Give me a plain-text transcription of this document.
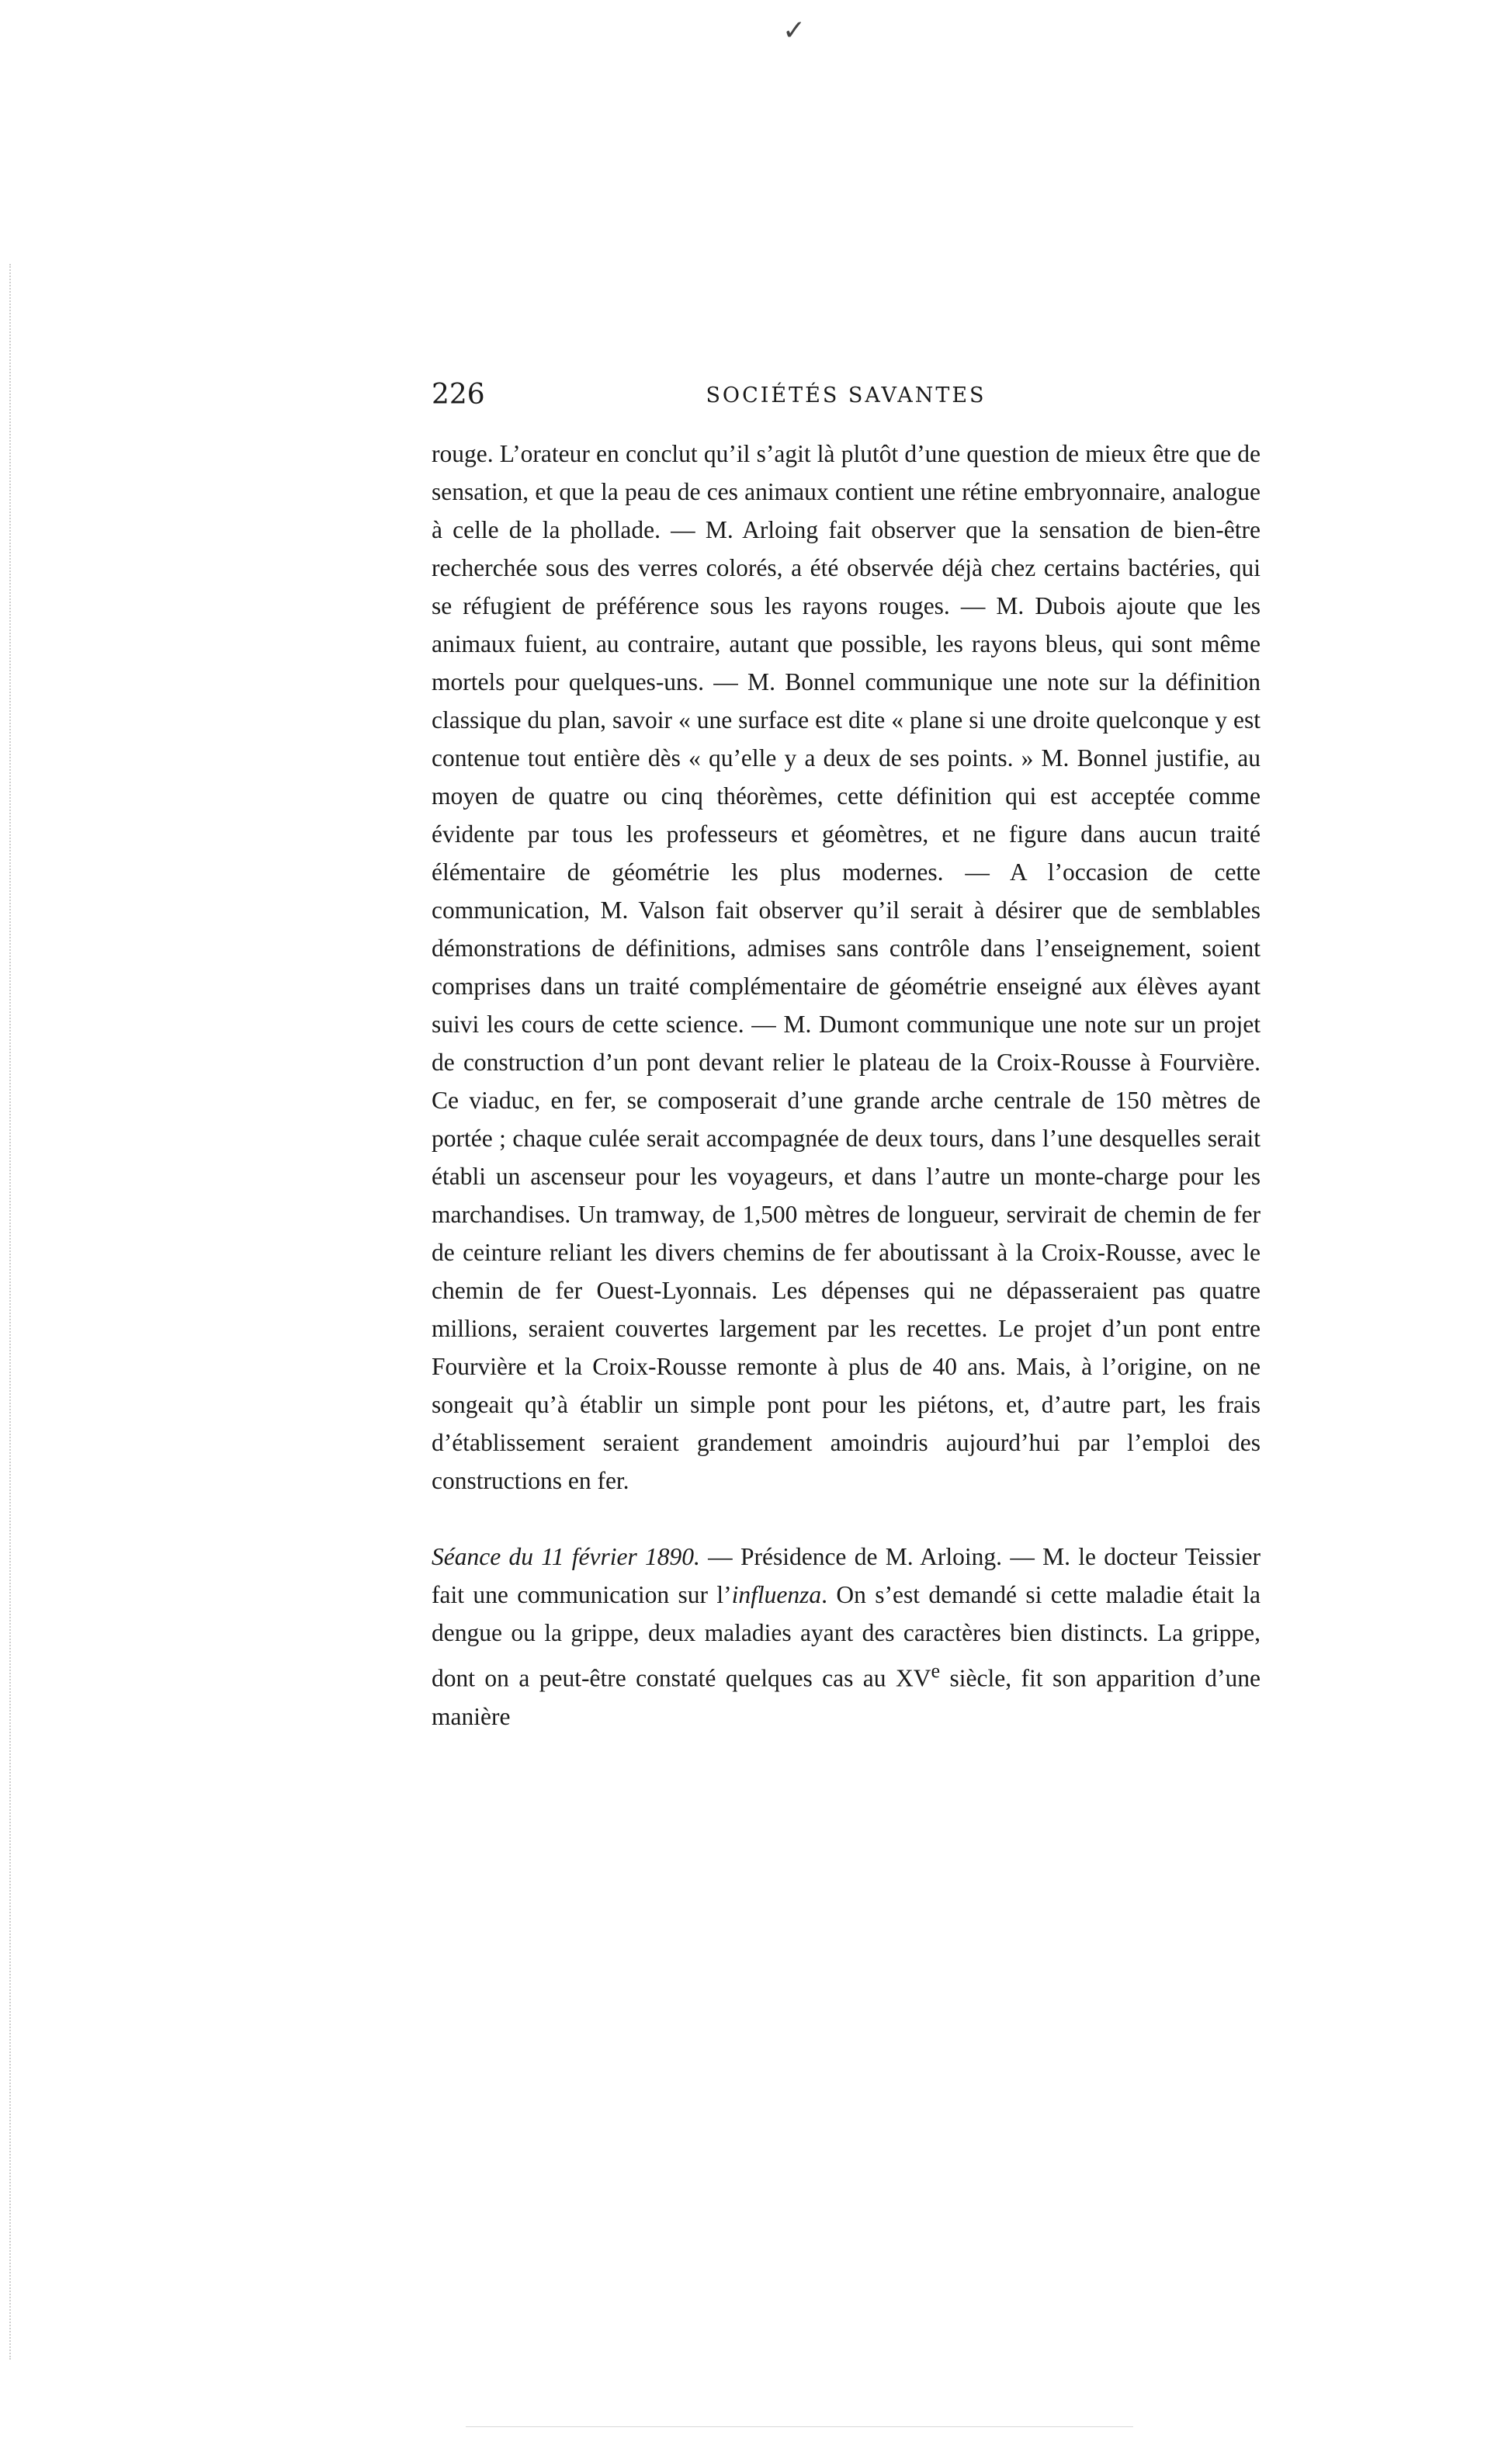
✓
226	SOCIÉTÉS SAVANTES

rouge. L’orateur en conclut qu’il s’agit là plutôt d’une question de mieux être que de sensation, et que la peau de ces animaux contient une rétine embryonnaire, analogue à celle de la phollade. — M. Arloing fait observer que la sensation de bien-être recherchée sous des verres colorés, a été observée déjà chez certains bactéries, qui se réfugient de préférence sous les rayons rouges. — M. Dubois ajoute que les animaux fuient, au contraire, autant que possible, les rayons bleus, qui sont même mortels pour quelques-uns. — M. Bonnel communique une note sur la définition classique du plan, savoir « une surface est dite « plane si une droite quelconque y est contenue tout entière dès « qu’elle y a deux de ses points. » M. Bonnel justifie, au moyen de quatre ou cinq théorèmes, cette définition qui est acceptée comme évidente par tous les professeurs et géomètres, et ne figure dans aucun traité élémentaire de géométrie les plus modernes. — A l’occasion de cette communication, M. Valson fait observer qu’il serait à désirer que de semblables démonstrations de définitions, admises sans contrôle dans l’enseignement, soient comprises dans un traité complémentaire de géométrie enseigné aux élèves ayant suivi les cours de cette science. — M. Dumont communique une note sur un projet de construction d’un pont devant relier le plateau de la Croix-Rousse à Fourvière. Ce viaduc, en fer, se composerait d’une grande arche centrale de 150 mètres de portée ; chaque culée serait accompagnée de deux tours, dans l’une desquelles serait établi un ascenseur pour les voyageurs, et dans l’autre un monte-charge pour les marchandises. Un tramway, de 1,500 mètres de longueur, servirait de chemin de fer de ceinture reliant les divers chemins de fer aboutissant à la Croix-Rousse, avec le chemin de fer Ouest-Lyonnais. Les dépenses qui ne dépasseraient pas quatre millions, seraient couvertes largement par les recettes. Le projet d’un pont entre Fourvière et la Croix-Rousse remonte à plus de 40 ans. Mais, à l’origine, on ne songeait qu’à établir un simple pont pour les piétons, et, d’autre part, les frais d’établissement seraient grandement amoindris aujourd’hui par l’emploi des constructions en fer.

Séance du 11 février 1890. — Présidence de M. Arloing. — M. le docteur Teissier fait une communication sur l’influenza. On s’est demandé si cette maladie était la dengue ou la grippe, deux maladies ayant des caractères bien distincts. La grippe, dont on a peut-être constaté quelques cas au XVe siècle, fit son apparition d’une manière
